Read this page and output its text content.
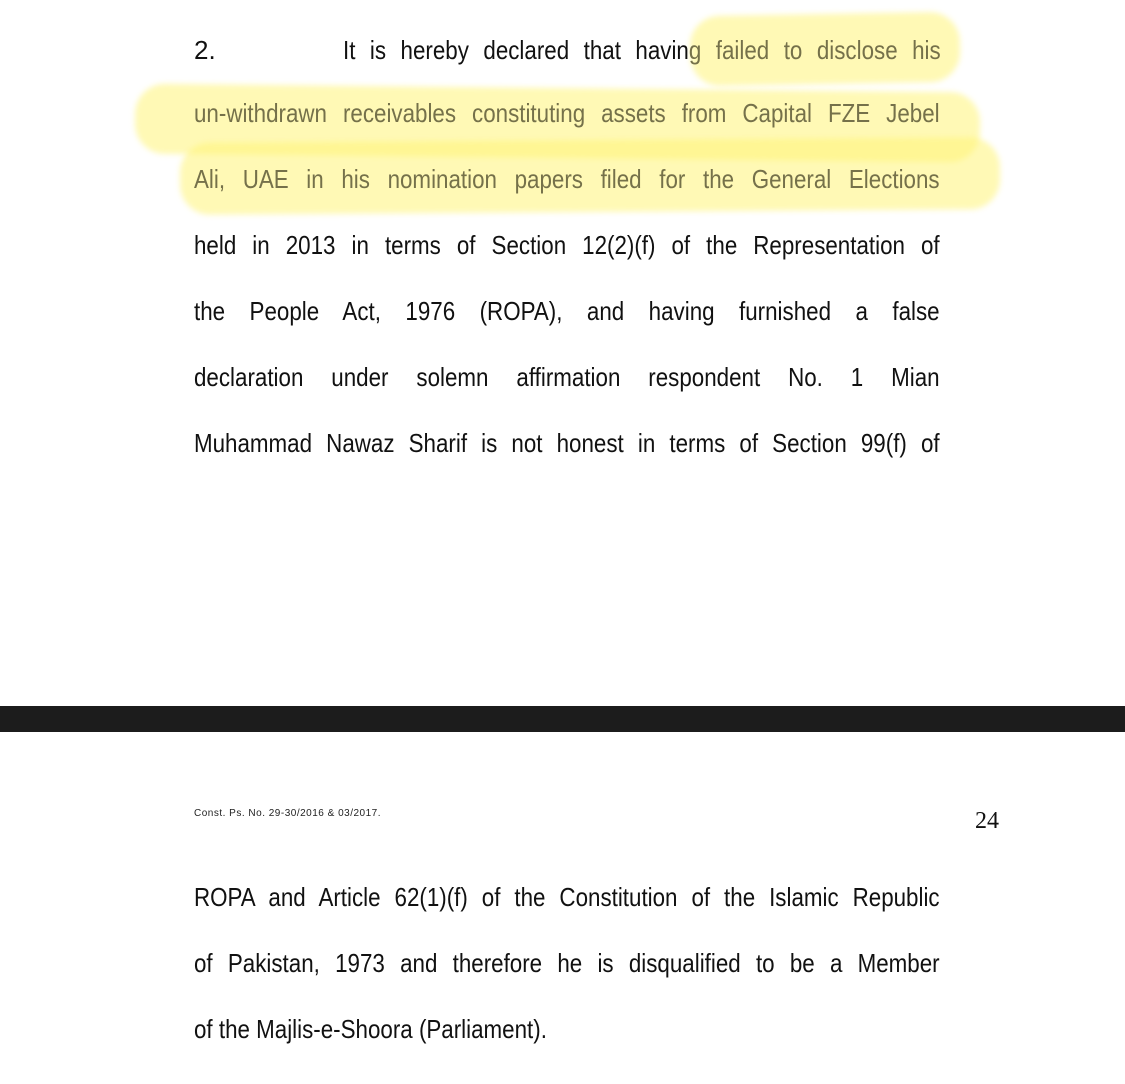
2.	It is hereby declared that having failed to disclose his
un-withdrawn receivables constituting assets from Capital FZE Jebel
Ali, UAE in his nomination papers filed for the General Elections
held in 2013 in terms of Section 12(2)(f) of the Representation of
the People Act, 1976 (ROPA), and having furnished a false
declaration under solemn affirmation respondent No. 1 Mian
Muhammad Nawaz Sharif is not honest in terms of Section 99(f) of
Const. Ps. No. 29-30/2016 & 03/2017.	24
ROPA and Article 62(1)(f) of the Constitution of the Islamic Republic
of Pakistan, 1973 and therefore he is disqualified to be a Member
of the Majlis-e-Shoora (Parliament).
